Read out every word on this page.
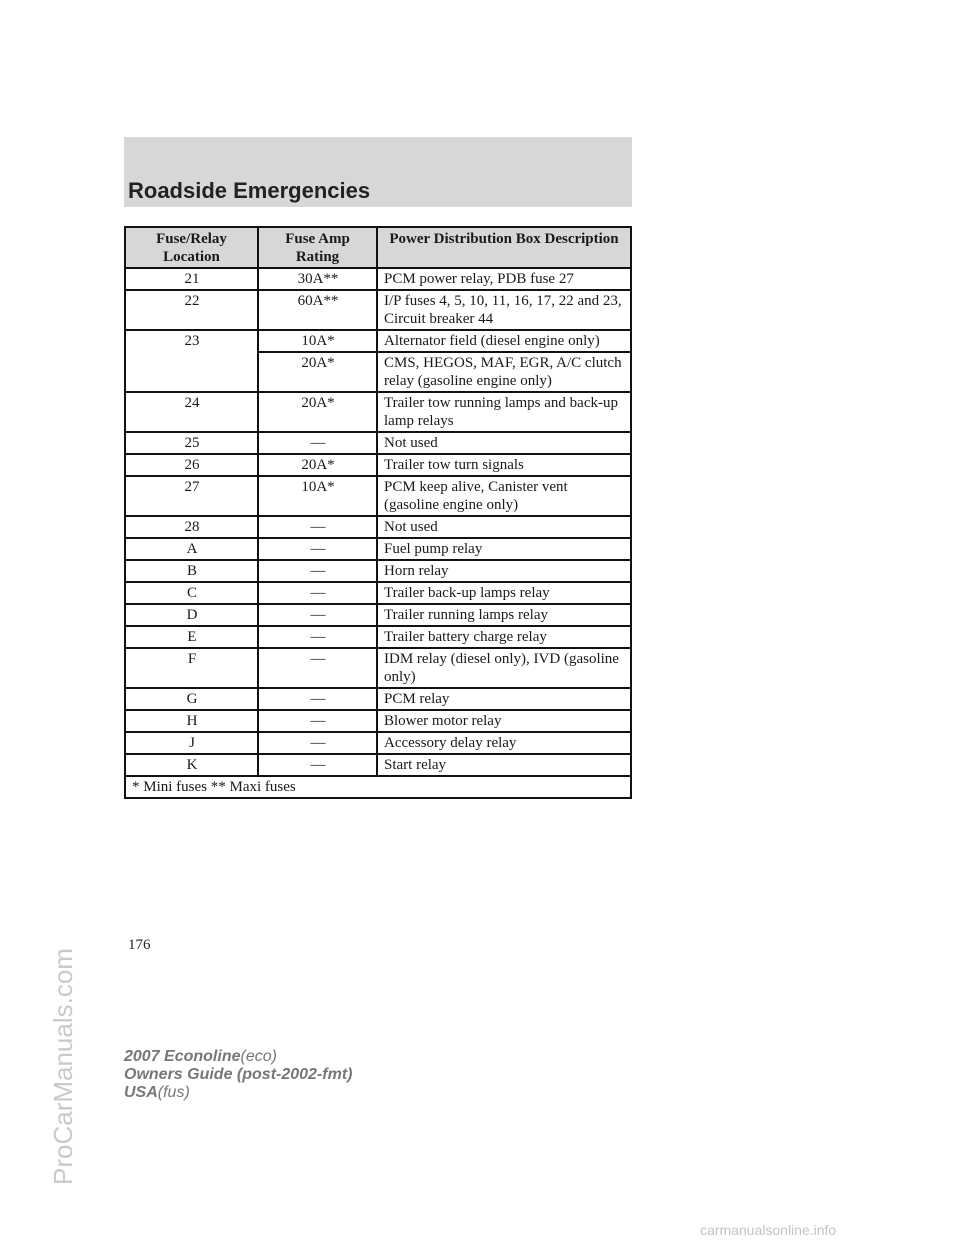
Roadside Emergencies
Fuse/Relay Location	Fuse Amp Rating	Power Distribution Box Description
21	30A**	PCM power relay, PDB fuse 27
22	60A**	I/P fuses 4, 5, 10, 11, 16, 17, 22 and 23, Circuit breaker 44
23	10A*	Alternator field (diesel engine only)
	20A*	CMS, HEGOS, MAF, EGR, A/C clutch relay (gasoline engine only)
24	20A*	Trailer tow running lamps and back-up lamp relays
25	—	Not used
26	20A*	Trailer tow turn signals
27	10A*	PCM keep alive, Canister vent (gasoline engine only)
28	—	Not used
A	—	Fuel pump relay
B	—	Horn relay
C	—	Trailer back-up lamps relay
D	—	Trailer running lamps relay
E	—	Trailer battery charge relay
F	—	IDM relay (diesel only), IVD (gasoline only)
G	—	PCM relay
H	—	Blower motor relay
J	—	Accessory delay relay
K	—	Start relay
* Mini fuses ** Maxi fuses		
176
2007 Econoline(eco)
Owners Guide (post-2002-fmt)
USA(fus)
ProCarManuals.com
carmanualsonline.info
